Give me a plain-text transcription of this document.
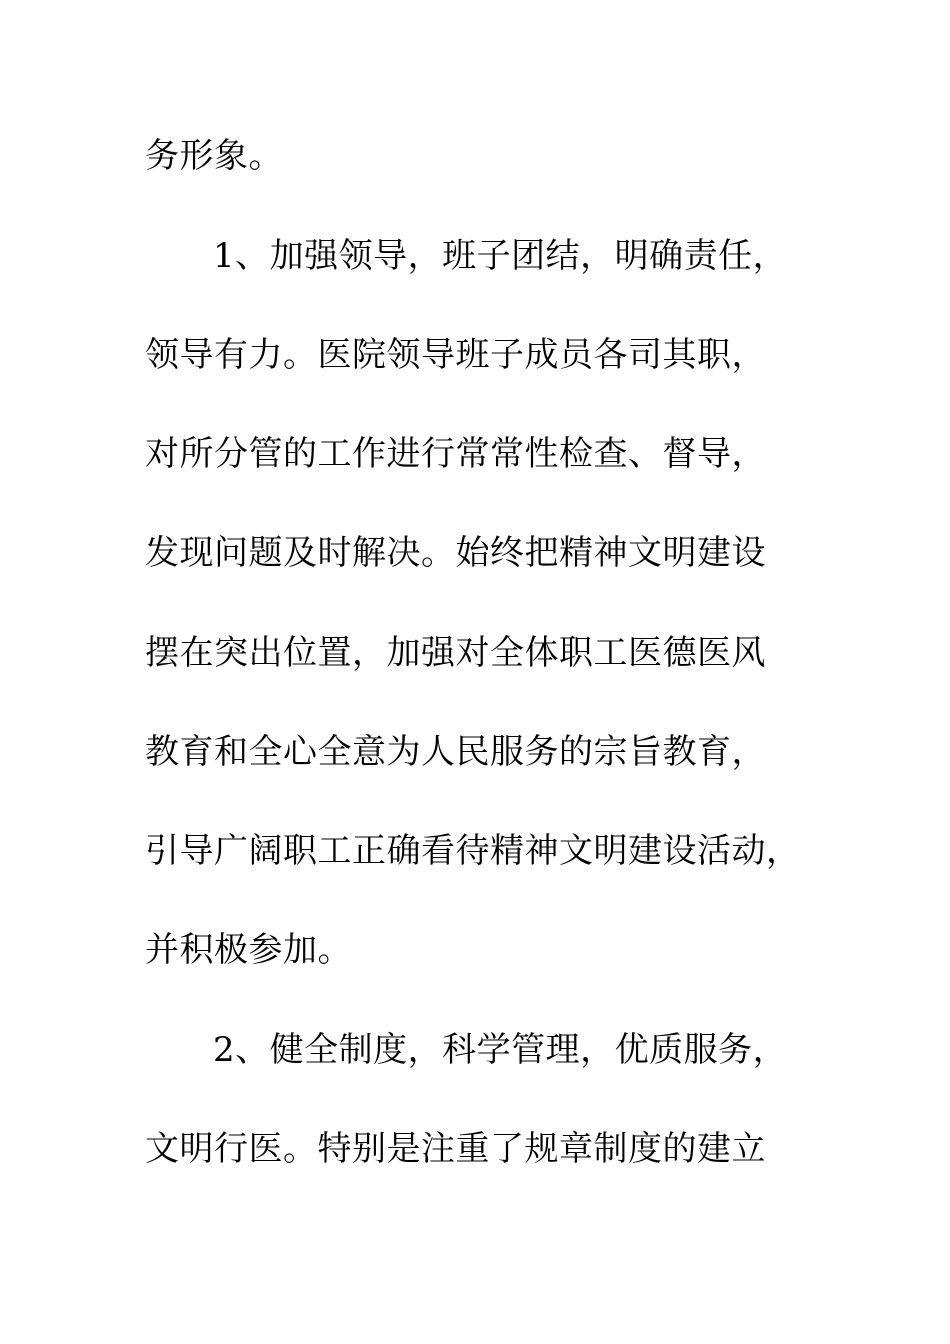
务形象。

1、加强领导，班子团结，明确责任，

领导有力。医院领导班子成员各司其职，

对所分管的工作进行常常性检查、督导，

发现问题及时解决。始终把精神文明建设

摆在突出位置，加强对全体职工医德医风

教育和全心全意为人民服务的宗旨教育，

引导广阔职工正确看待精神文明建设活动，

并积极参加。

2、健全制度，科学管理，优质服务，

文明行医。特别是注重了规章制度的建立
